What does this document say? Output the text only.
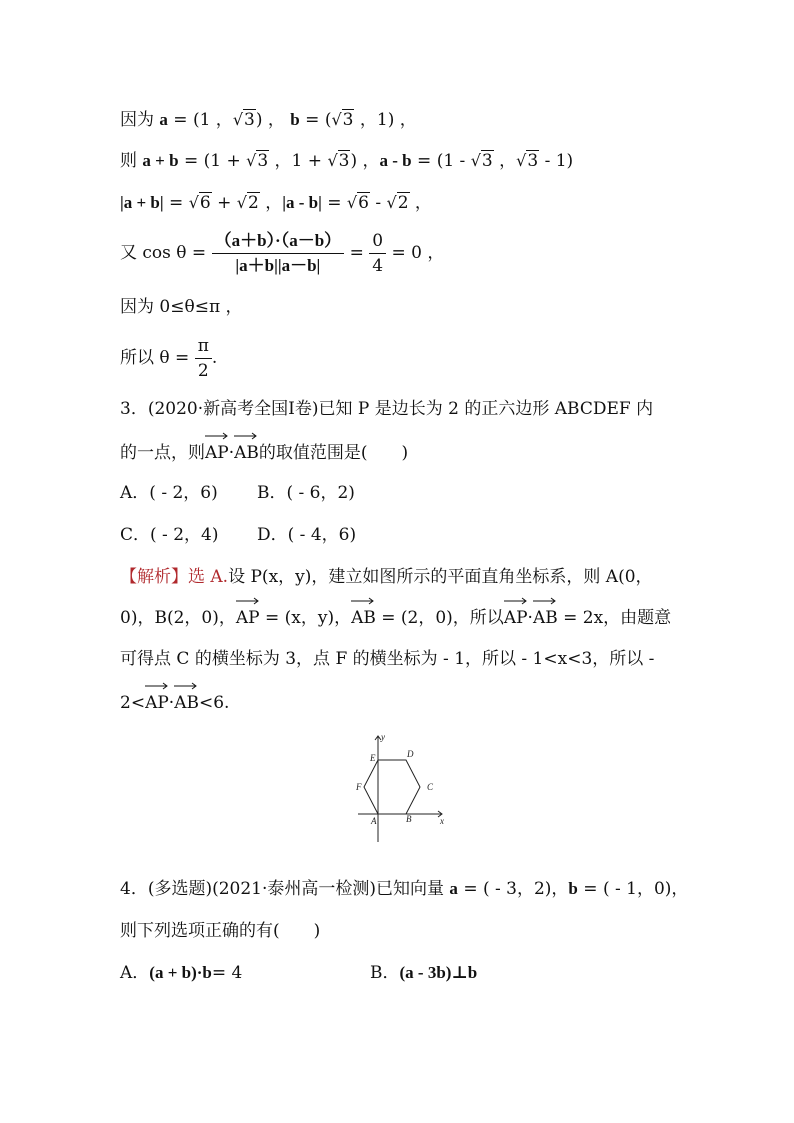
因为 a = (1 ，√3) ， b = (√3 ，1) ，
则 a + b = (1 + √3 ，1 + √3) ，a - b = (1 - √3 ，√3 - 1)
|a + b| = √6 + √2 ，|a - b| = √6 - √2 ，
又 $\cos \theta = \frac{(a+b)\cdot(a-b)}{|a+b||a-b|} = \frac{0}{4} = 0$ ，
因为 0≤θ≤π ，
所以 $\theta = \frac{\pi}{2}$ .
3．(2020·新高考全国Ⅰ卷)已知 P 是边长为 2 的正六边形 ABCDEF 内
的一点，则
AP·
AB的取值范围是(　　)
A．( - 2，6) B．( - 6，2)
C．( - 2，4) D．( - 4，6)
【解析】选 A.设 P(x，y)，建立如图所示的平面直角坐标系，则 A(0，
0)，B(2，0)，
AP = (x，y)，
AB = (2，0)，所以
AP·
AB = 2x，由题意
可得点 C 的横坐标为 3，点 F 的横坐标为 - 1，所以 - 1<x<3，所以 -
2<
AP·
AB<6.
y
x
A	B
C
D
E
F
4．(多选题)(2021·泰州高一检测)已知向量 a = ( - 3，2)，b = ( - 1，0)，
则下列选项正确的有(　　)
A．(a + b)·b= 4	B．(a - 3b)⊥b
